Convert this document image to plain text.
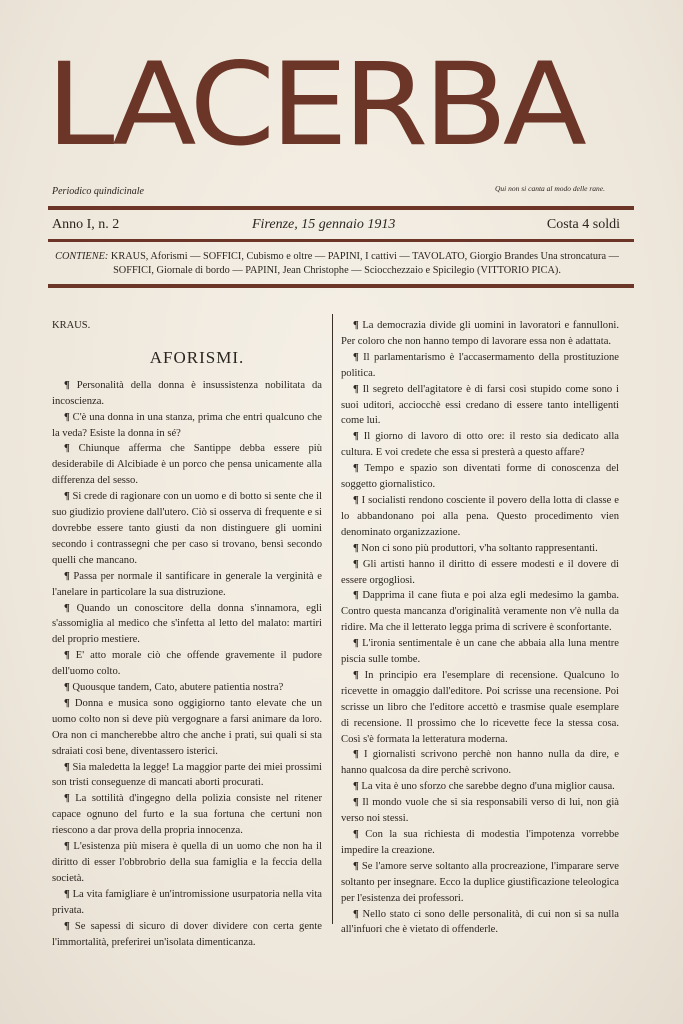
LACERBA
Periodico quindicinale	Qui non si canta al modo delle rane.
Anno I, n. 2	Firenze, 15 gennaio 1913	Costa 4 soldi
CONTIENE: KRAUS, Aforismi — SOFFICI, Cubismo e oltre — PAPINI, I cattivi — TAVOLATO, Giorgio Brandes Una stroncatura — SOFFICI, Giornale di bordo — PAPINI, Jean Christophe — Sciocchezzaio e Spicilegio (VITTORIO PICA).
KRAUS.
AFORISMI.

¶ Personalità della donna è insussistenza nobilitata da incoscienza.

¶ C'è una donna in una stanza, prima che entri qualcuno che la veda? Esiste la donna in sé?

¶ Chiunque afferma che Santippe debba essere più desiderabile di Alcibiade è un porco che pensa unicamente alla differenza del sesso.

¶ Si crede di ragionare con un uomo e di botto si sente che il suo giudizio proviene dall'utero. Ciò si osserva di frequente e si dovrebbe essere tanto giusti da non distinguere gli uomini secondo i contrassegni che per caso si trovano, bensì secondo quelli che mancano.

¶ Passa per normale il santificare in generale la verginità e l'anelare in particolare la sua distruzione.

¶ Quando un conoscitore della donna s'innamora, egli s'assomiglia al medico che s'infetta al letto del malato: martiri del proprio mestiere.

¶ E' atto morale ciò che offende gravemente il pudore dell'uomo colto.

¶ Quousque tandem, Cato, abutere patientia nostra?

¶ Donna e musica sono oggigiorno tanto elevate che un uomo colto non si deve più vergognare a farsi animare da loro. Ora non ci mancherebbe altro che anche i prati, sui quali si sta sdraiati così bene, diventassero isterici.

¶ Sia maledetta la legge! La maggior parte dei miei prossimi son tristi conseguenze di mancati aborti procurati.

¶ La sottilità d'ingegno della polizia consiste nel ritener capace ognuno del furto e la sua fortuna che certuni non riescono a dar prova della propria innocenza.

¶ L'esistenza più misera è quella di un uomo che non ha il diritto di esser l'obbrobrio della sua famiglia e la feccia della società.

¶ La vita famigliare è un'intromissione usurpatoria nella vita privata.

¶ Se sapessi di sicuro di dover dividere con certa gente l'immortalità, preferirei un'isolata dimenticanza.

¶ La democrazia divide gli uomini in lavoratori e fannulloni. Per coloro che non hanno tempo di lavorare essa non è adattata.

¶ Il parlamentarismo è l'accasermamento della prostituzione politica.

¶ Il segreto dell'agitatore è di farsi così stupido come sono i suoi uditori, acciocchè essi credano di essere tanto intelligenti come lui.

¶ Il giorno di lavoro di otto ore: il resto sia dedicato alla cultura. E voi credete che essa si presterà a questo affare?

¶ Tempo e spazio son diventati forme di conoscenza del soggetto giornalistico.

¶ I socialisti rendono cosciente il povero della lotta di classe e lo abbandonano poi alla pena. Questo procedimento vien denominato organizzazione.

¶ Non ci sono più produttori, v'ha soltanto rappresentanti.

¶ Gli artisti hanno il diritto di essere modesti e il dovere di essere orgogliosi.

¶ Dapprima il cane fiuta e poi alza egli medesimo la gamba. Contro questa mancanza d'originalità veramente non v'è nulla da ridire. Ma che il letterato legga prima di scrivere è sconfortante.

¶ L'ironia sentimentale è un cane che abbaia alla luna mentre piscia sulle tombe.

¶ In principio era l'esemplare di recensione. Qualcuno lo ricevette in omaggio dall'editore. Poi scrisse una recensione. Poi scrisse un libro che l'editore accettò e trasmise quale esemplare di recensione. Il prossimo che lo ricevette fece la stessa cosa. Così s'è formata la letteratura moderna.

¶ I giornalisti scrivono perchè non hanno nulla da dire, e hanno qualcosa da dire perchè scrivono.

¶ La vita è uno sforzo che sarebbe degno d'una miglior causa.

¶ Il mondo vuole che si sia responsabili verso di lui, non già verso noi stessi.

¶ Con la sua richiesta di modestia l'impotenza vorrebbe impedire la creazione.

¶ Se l'amore serve soltanto alla procreazione, l'imparare serve soltanto per insegnare. Ecco la duplice giustificazione teleologica per l'esistenza dei professori.

¶ Nello stato ci sono delle personalità, di cui non si sa nulla all'infuori che è vietato di offenderle.
